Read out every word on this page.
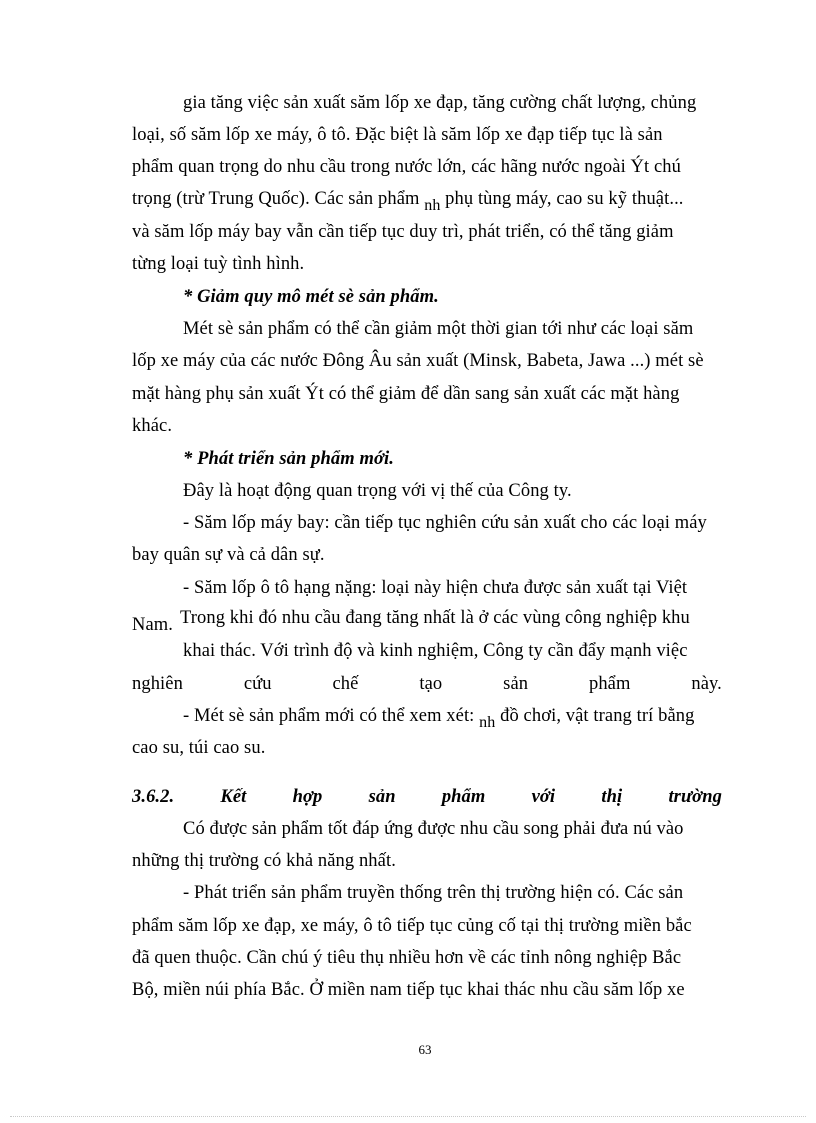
gia tăng việc sản xuất săm lốp xe đạp, tăng cường chất lượng, chủng
loại, số săm lốp xe máy, ô tô. Đặc biệt là săm lốp xe đạp tiếp tục là sản
phẩm quan trọng do nhu cầu trong nước lớn, các hãng nước ngoài Ýt chú
trọng (trừ Trung Quốc). Các sản phẩm nh phụ tùng máy, cao su kỹ thuật...
và săm lốp máy bay vẫn cần tiếp tục duy trì, phát triển, có thể tăng giảm
từng loại tuỳ tình hình.
* Giảm quy mô mét sè sản phẩm.
Mét sè sản phẩm có thể cần giảm một thời gian tới như các loại săm
lốp xe máy của các nước Đông Âu sản xuất (Minsk, Babeta, Jawa ...) mét sè
mặt hàng phụ sản xuất Ýt có thể giảm để dần sang sản xuất các mặt hàng
khác.
* Phát triển sản phẩm mới.
Đây là hoạt động quan trọng với vị thế của Công ty.
- Săm lốp máy bay: cần tiếp tục nghiên cứu sản xuất cho các loại máy
bay quân sự và cả dân sự.
- Săm lốp ô tô hạng nặng: loại này hiện chưa được sản xuất tại Việt
Nam. Trong khi đó nhu cầu đang tăng nhất là ở các vùng công nghiệp khu
khai thác. Với trình độ và kinh nghiệm, Công ty cần đẩy mạnh việc
nghiên	cứu	chế	tạo	sản	phẩm	này.
- Mét sè sản phẩm mới có thể xem xét: nh đồ chơi, vật trang trí bằng
cao su, túi cao su.
3.6.2. Kết hợp sản phẩm với thị trường
Có được sản phẩm tốt đáp ứng được nhu cầu song phải đưa nú vào
những thị trường có khả năng nhất.
- Phát triển sản phẩm truyền thống trên thị trường hiện có. Các sản
phẩm săm lốp xe đạp, xe máy, ô tô tiếp tục củng cố tại thị trường miền bắc
đã quen thuộc. Cần chú ý tiêu thụ nhiều hơn về các tỉnh nông nghiệp Bắc
Bộ, miền núi phía Bắc. Ở miền nam tiếp tục khai thác nhu cầu săm lốp xe
63
